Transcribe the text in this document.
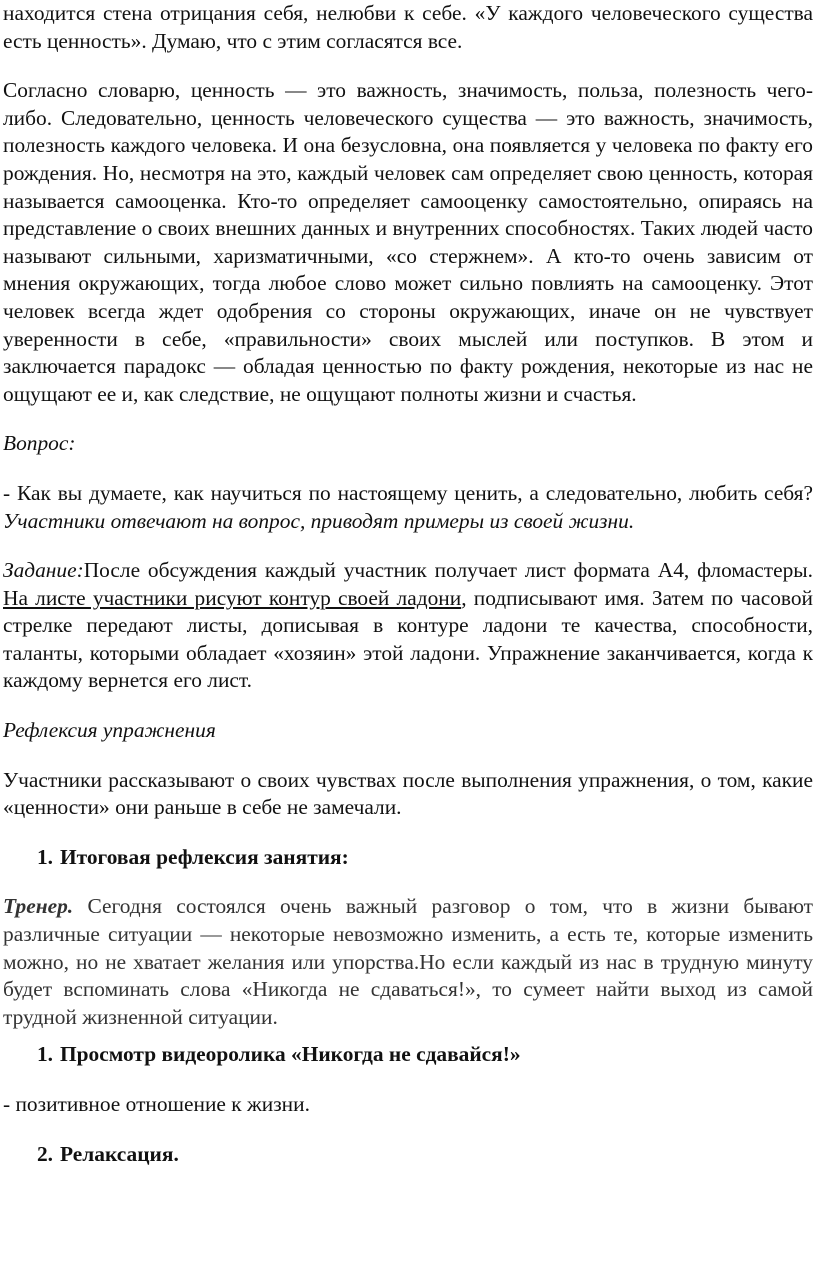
находится стена отрицания себя, нелюбви к себе. «У каждого человеческого существа есть ценность». Думаю, что с этим согласятся все.

Согласно словарю, ценность — это важность, значимость, польза, полезность чего-либо. Следовательно, ценность человеческого существа — это важность, значимость, полезность каждого человека. И она безусловна, она появляется у человека по факту его рождения. Но, несмотря на это, каждый человек сам определяет свою ценность, которая называется самооценка. Кто-то определяет самооценку самостоятельно, опираясь на представление о своих внешних данных и внутренних способностях. Таких людей часто называют сильными, харизматичными, «со стержнем». А кто-то очень зависим от мнения окружающих, тогда любое слово может сильно повлиять на самооценку. Этот человек всегда ждет одобрения со стороны окружающих, иначе он не чувствует уверенности в себе, «правильности» своих мыслей или поступков. В этом и заключается парадокс — обладая ценностью по факту рождения, некоторые из нас не ощущают ее и, как следствие, не ощущают полноты жизни и счастья.

Вопрос:

- Как вы думаете, как научиться по настоящему ценить, а следовательно, любить себя?Участники отвечают на вопрос, приводят примеры из своей жизни.

Задание:После обсуждения каждый участник получает лист формата А4, фломастеры. На листе участники рисуют контур своей ладони, подписывают имя. Затем по часовой стрелке передают листы, дописывая в контуре ладони те качества, способности, таланты, которыми обладает «хозяин» этой ладони. Упражнение заканчивается, когда к каждому вернется его лист.

Рефлексия упражнения

Участники рассказывают о своих чувствах после выполнения упражнения, о том, какие «ценности» они раньше в себе не замечали.

1. Итоговая рефлексия занятия:

Тренер. Сегодня состоялся очень важный разговор о том, что в жизни бывают различные ситуации — некоторые невозможно изменить, а есть те, которые изменить можно, но не хватает желания или упорства.Но если каждый из нас в трудную минуту будет вспоминать слова «Никогда не сдаваться!», то сумеет найти выход из самой трудной жизненной ситуации.

1. Просмотр видеоролика «Никогда не сдавайся!»

- позитивное отношение к жизни.

2. Релаксация.
